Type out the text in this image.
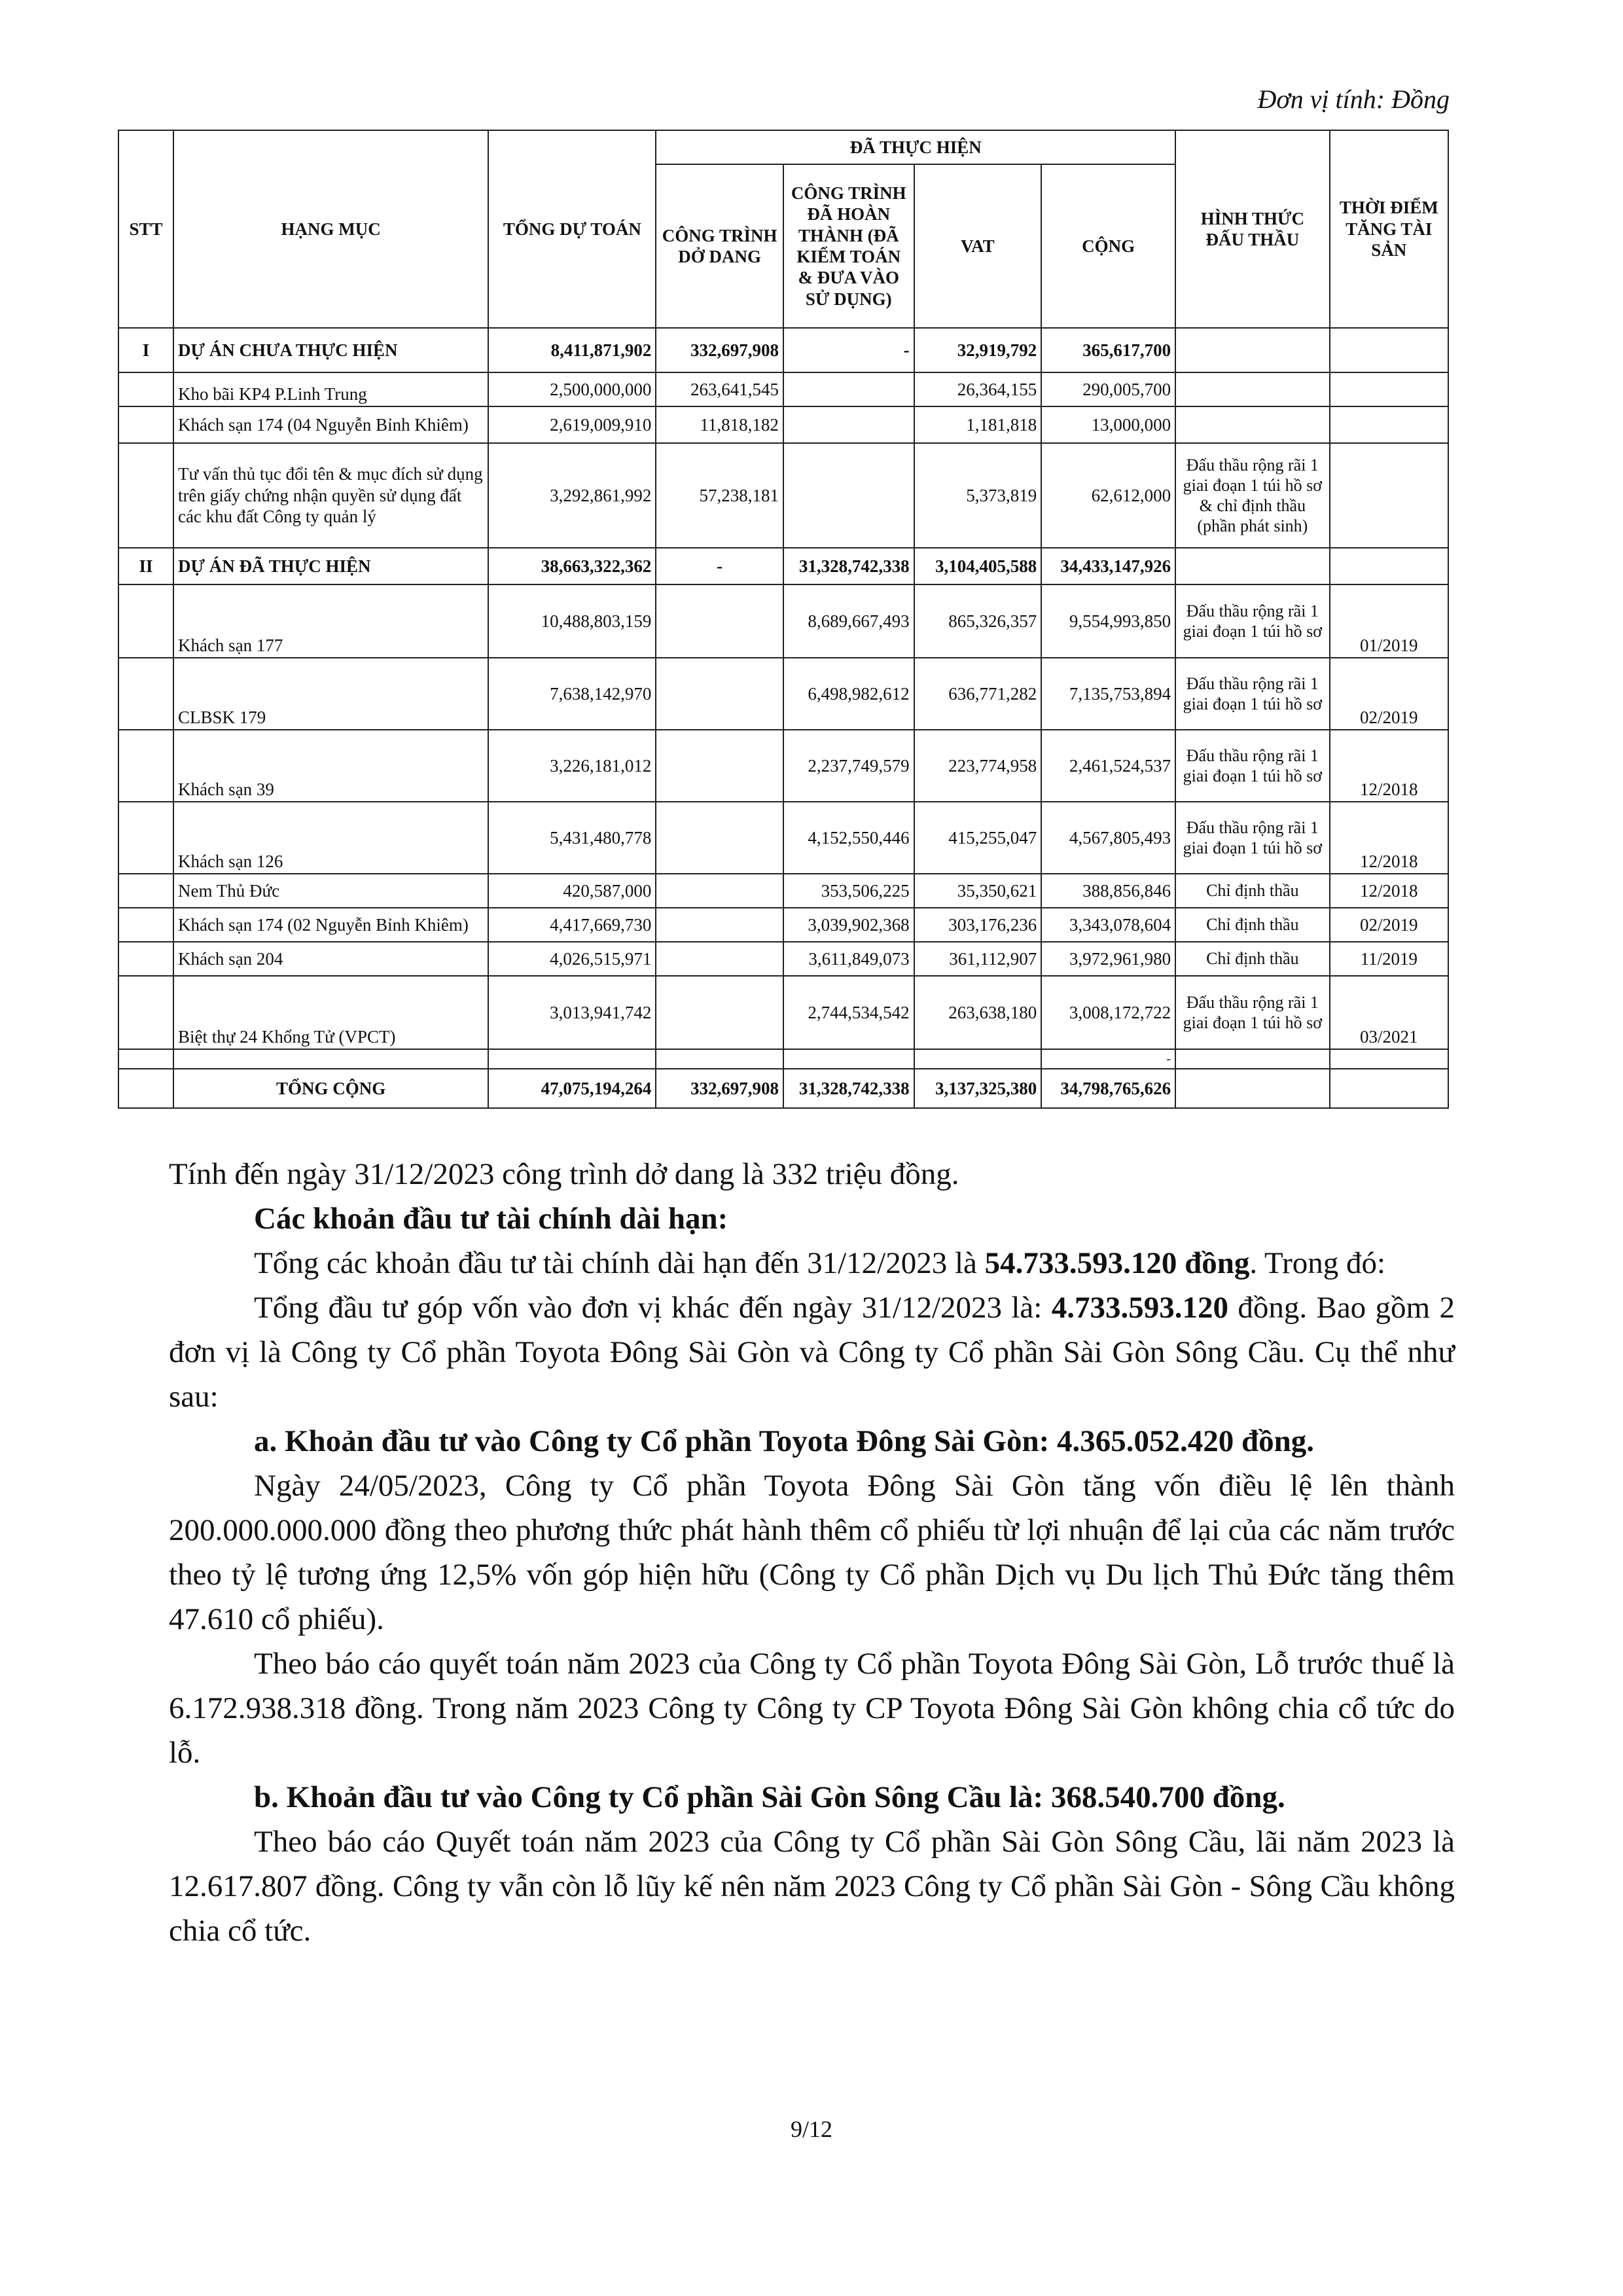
Đơn vị tính: Đồng
STT	HẠNG MỤC	TỔNG DỰ TOÁN	ĐÃ THỰC HIỆN				HÌNH THỨC ĐẤU THẦU	THỜI ĐIỂM TĂNG TÀI SẢN
			CÔNG TRÌNH DỞ DANG	CÔNG TRÌNH ĐÃ HOÀN THÀNH (ĐÃ KIỂM TOÁN & ĐƯA VÀO SỬ DỤNG)	VAT	CỘNG		
I	DỰ ÁN CHƯA THỰC HIỆN	8,411,871,902	332,697,908	-	32,919,792	365,617,700		
	Kho bãi KP4 P.Linh Trung	2,500,000,000	263,641,545		26,364,155	290,005,700		
	Khách sạn 174 (04 Nguyễn Bỉnh Khiêm)	2,619,009,910	11,818,182		1,181,818	13,000,000		
	Tư vấn thủ tục đổi tên & mục đích sử dụng trên giấy chứng nhận quyền sử dụng đất các khu đất Công ty quản lý	3,292,861,992	57,238,181		5,373,819	62,612,000	Đấu thầu rộng rãi 1 giai đoạn 1 túi hồ sơ & chỉ định thầu (phần phát sinh)	
II	DỰ ÁN ĐÃ THỰC HIỆN	38,663,322,362	-	31,328,742,338	3,104,405,588	34,433,147,926		
	Khách sạn 177	10,488,803,159		8,689,667,493	865,326,357	9,554,993,850	Đấu thầu rộng rãi 1 giai đoạn 1 túi hồ sơ	01/2019
	CLBSK 179	7,638,142,970		6,498,982,612	636,771,282	7,135,753,894	Đấu thầu rộng rãi 1 giai đoạn 1 túi hồ sơ	02/2019
	Khách sạn 39	3,226,181,012		2,237,749,579	223,774,958	2,461,524,537	Đấu thầu rộng rãi 1 giai đoạn 1 túi hồ sơ	12/2018
	Khách sạn 126	5,431,480,778		4,152,550,446	415,255,047	4,567,805,493	Đấu thầu rộng rãi 1 giai đoạn 1 túi hồ sơ	12/2018
	Nem Thủ Đức	420,587,000		353,506,225	35,350,621	388,856,846	Chỉ định thầu	12/2018
	Khách sạn 174 (02 Nguyễn Bỉnh Khiêm)	4,417,669,730		3,039,902,368	303,176,236	3,343,078,604	Chỉ định thầu	02/2019
	Khách sạn 204	4,026,515,971		3,611,849,073	361,112,907	3,972,961,980	Chỉ định thầu	11/2019
	Biệt thự 24 Khổng Tử (VPCT)	3,013,941,742		2,744,534,542	263,638,180	3,008,172,722	Đấu thầu rộng rãi 1 giai đoạn 1 túi hồ sơ	03/2021
						-		
	TỔNG CỘNG	47,075,194,264	332,697,908	31,328,742,338	3,137,325,380	34,798,765,626		

Tính đến ngày 31/12/2023 công trình dở dang là 332 triệu đồng.

Các khoản đầu tư tài chính dài hạn:

Tổng các khoản đầu tư tài chính dài hạn đến 31/12/2023 là 54.733.593.120 đồng. Trong đó:

Tổng đầu tư góp vốn vào đơn vị khác đến ngày 31/12/2023 là: 4.733.593.120 đồng. Bao gồm 2 đơn vị là Công ty Cổ phần Toyota Đông Sài Gòn và Công ty Cổ phần Sài Gòn Sông Cầu. Cụ thể như sau:

a. Khoản đầu tư vào Công ty Cổ phần Toyota Đông Sài Gòn: 4.365.052.420 đồng.

Ngày 24/05/2023, Công ty Cổ phần Toyota Đông Sài Gòn tăng vốn điều lệ lên thành 200.000.000.000 đồng theo phương thức phát hành thêm cổ phiếu từ lợi nhuận để lại của các năm trước theo tỷ lệ tương ứng 12,5% vốn góp hiện hữu (Công ty Cổ phần Dịch vụ Du lịch Thủ Đức tăng thêm 47.610 cổ phiếu).

Theo báo cáo quyết toán năm 2023 của Công ty Cổ phần Toyota Đông Sài Gòn, Lỗ trước thuế là 6.172.938.318 đồng. Trong năm 2023 Công ty Công ty CP Toyota Đông Sài Gòn không chia cổ tức do lỗ.

b. Khoản đầu tư vào Công ty Cổ phần Sài Gòn Sông Cầu là: 368.540.700 đồng.

Theo báo cáo Quyết toán năm 2023 của Công ty Cổ phần Sài Gòn Sông Cầu, lãi năm 2023 là 12.617.807 đồng. Công ty vẫn còn lỗ lũy kế nên năm 2023 Công ty Cổ phần Sài Gòn - Sông Cầu không chia cổ tức.

9/12
